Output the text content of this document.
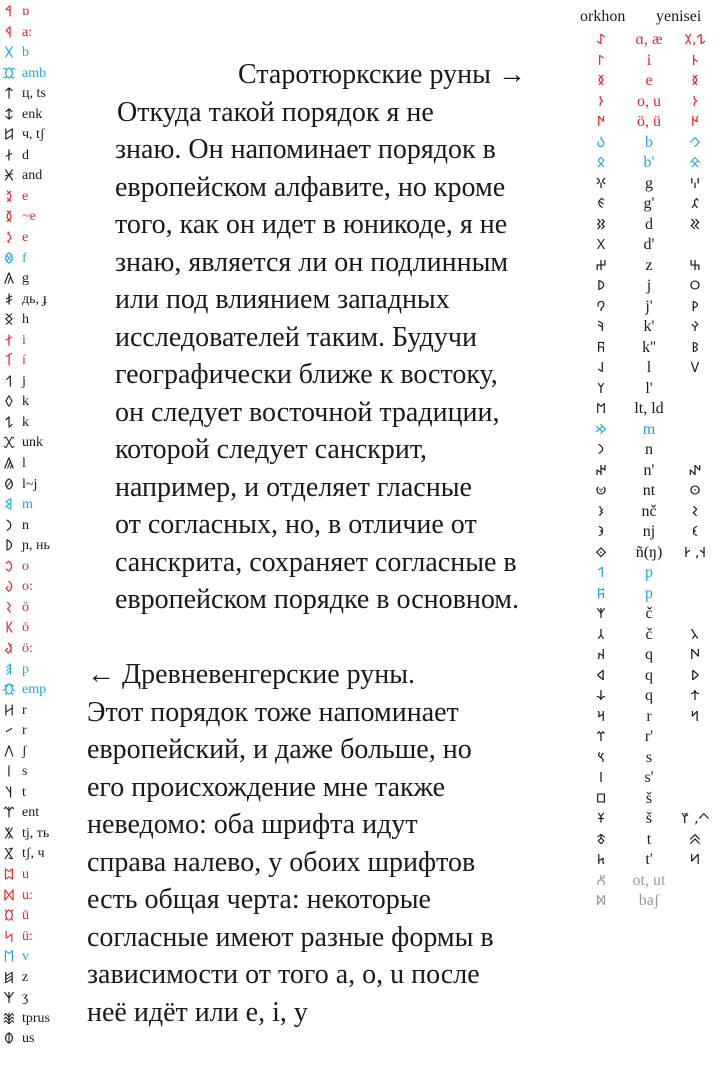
𐲀 ɒ
𐲁 a:
𐲂 b
𐲃 amb
𐲄 ц, ts
𐲅 enk
𐲆 ч, tʃ
𐲇 d
𐲈 and
𐲉 e
𐲊 ~e
𐲋 e
𐲌 f
𐲍 g
𐲎 дь, ɟ
𐲏 h
𐲐 i
𐲑 í
𐲒 j
𐲓 k
𐲔 k
𐲕 unk
𐲖 l
𐲗 l~j
𐲘 m
𐲙 n
𐲚 ɲ, нь
𐲛 o
𐲜 o:
𐲝 ö
𐲞 ö
𐲟 ö:
𐲠 p
𐲡 emp
𐲢 r
𐲣 r
𐲤 ʃ
𐲥 s
𐲦 t
𐲧 ent
𐲨 tj, ть
𐲩 tʃ, ч
𐲪 u
𐲫 u:
𐲬 ü
𐲭 ü:
𐲮 v
𐲯 z
𐲰 ʒ
𐲱 tprus
𐲲 us
orkhon yenisei
𐰀	ɑ, æ	𐰁,𐰂
𐰃	i	𐰄
𐰅	e	𐰅
𐰆	o, u	𐰆
𐰇	ö, ü	𐰈
𐰉	b	𐰊
𐰋	b'	𐰌
𐰍	g	𐰎
𐰏	g'	𐰐
𐰑	d	𐰒
𐰓	d'
𐰔	z	𐰕
𐰖	j	𐰗
𐰘	j'	𐰙
𐰚	k'	𐰛
𐰜	k''	𐰝
𐰞	l	𐰟
𐰠	l'
𐰡	lt, ld
𐰢	m
𐰣	n
𐰤	n'	𐰥
𐰦	nt	𐰧
𐰨	nč	𐰩
𐰪	nj	𐰫
𐰬	ñ(ŋ)	𐰭, 𐰮
𐰯	p
𐰰	p
𐰱	č
𐰲	č	𐰳
𐰴	q	𐰵
𐰶	q	𐰷
𐰸	q	𐰹
𐰺	r	𐰻
𐰼	r'
𐰽	s
𐰾	s'
𐰿	š
𐱁	š	𐱀, 𐱂
𐱃	t	𐱄
𐱅	t'	𐱆
𐱇	ot, ut
𐱈	baʃ
Старотюркские руны →
Откуда такой порядок я не
знаю. Он напоминает порядок в
европейском алфавите, но кроме
того, как он идет в юникоде, я не
знаю, является ли он подлинным
или под влиянием западных
исследователей таким. Будучи
географически ближе к востоку,
он следует восточной традиции,
которой следует санскрит,
например, и отделяет гласные
от согласных, но, в отличие от
санскрита, сохраняет согласные в
европейском порядке в основном.
← Древневенгерские руны.
Этот порядок тоже напоминает
европейский, и даже больше, но
его происхождение мне также
неведомо: оба шрифта идут
справа налево, у обоих шрифтов
есть общая черта: некоторые
согласные имеют разные формы в
зависимости от того a, o, u после
неё идёт или e, i, y
